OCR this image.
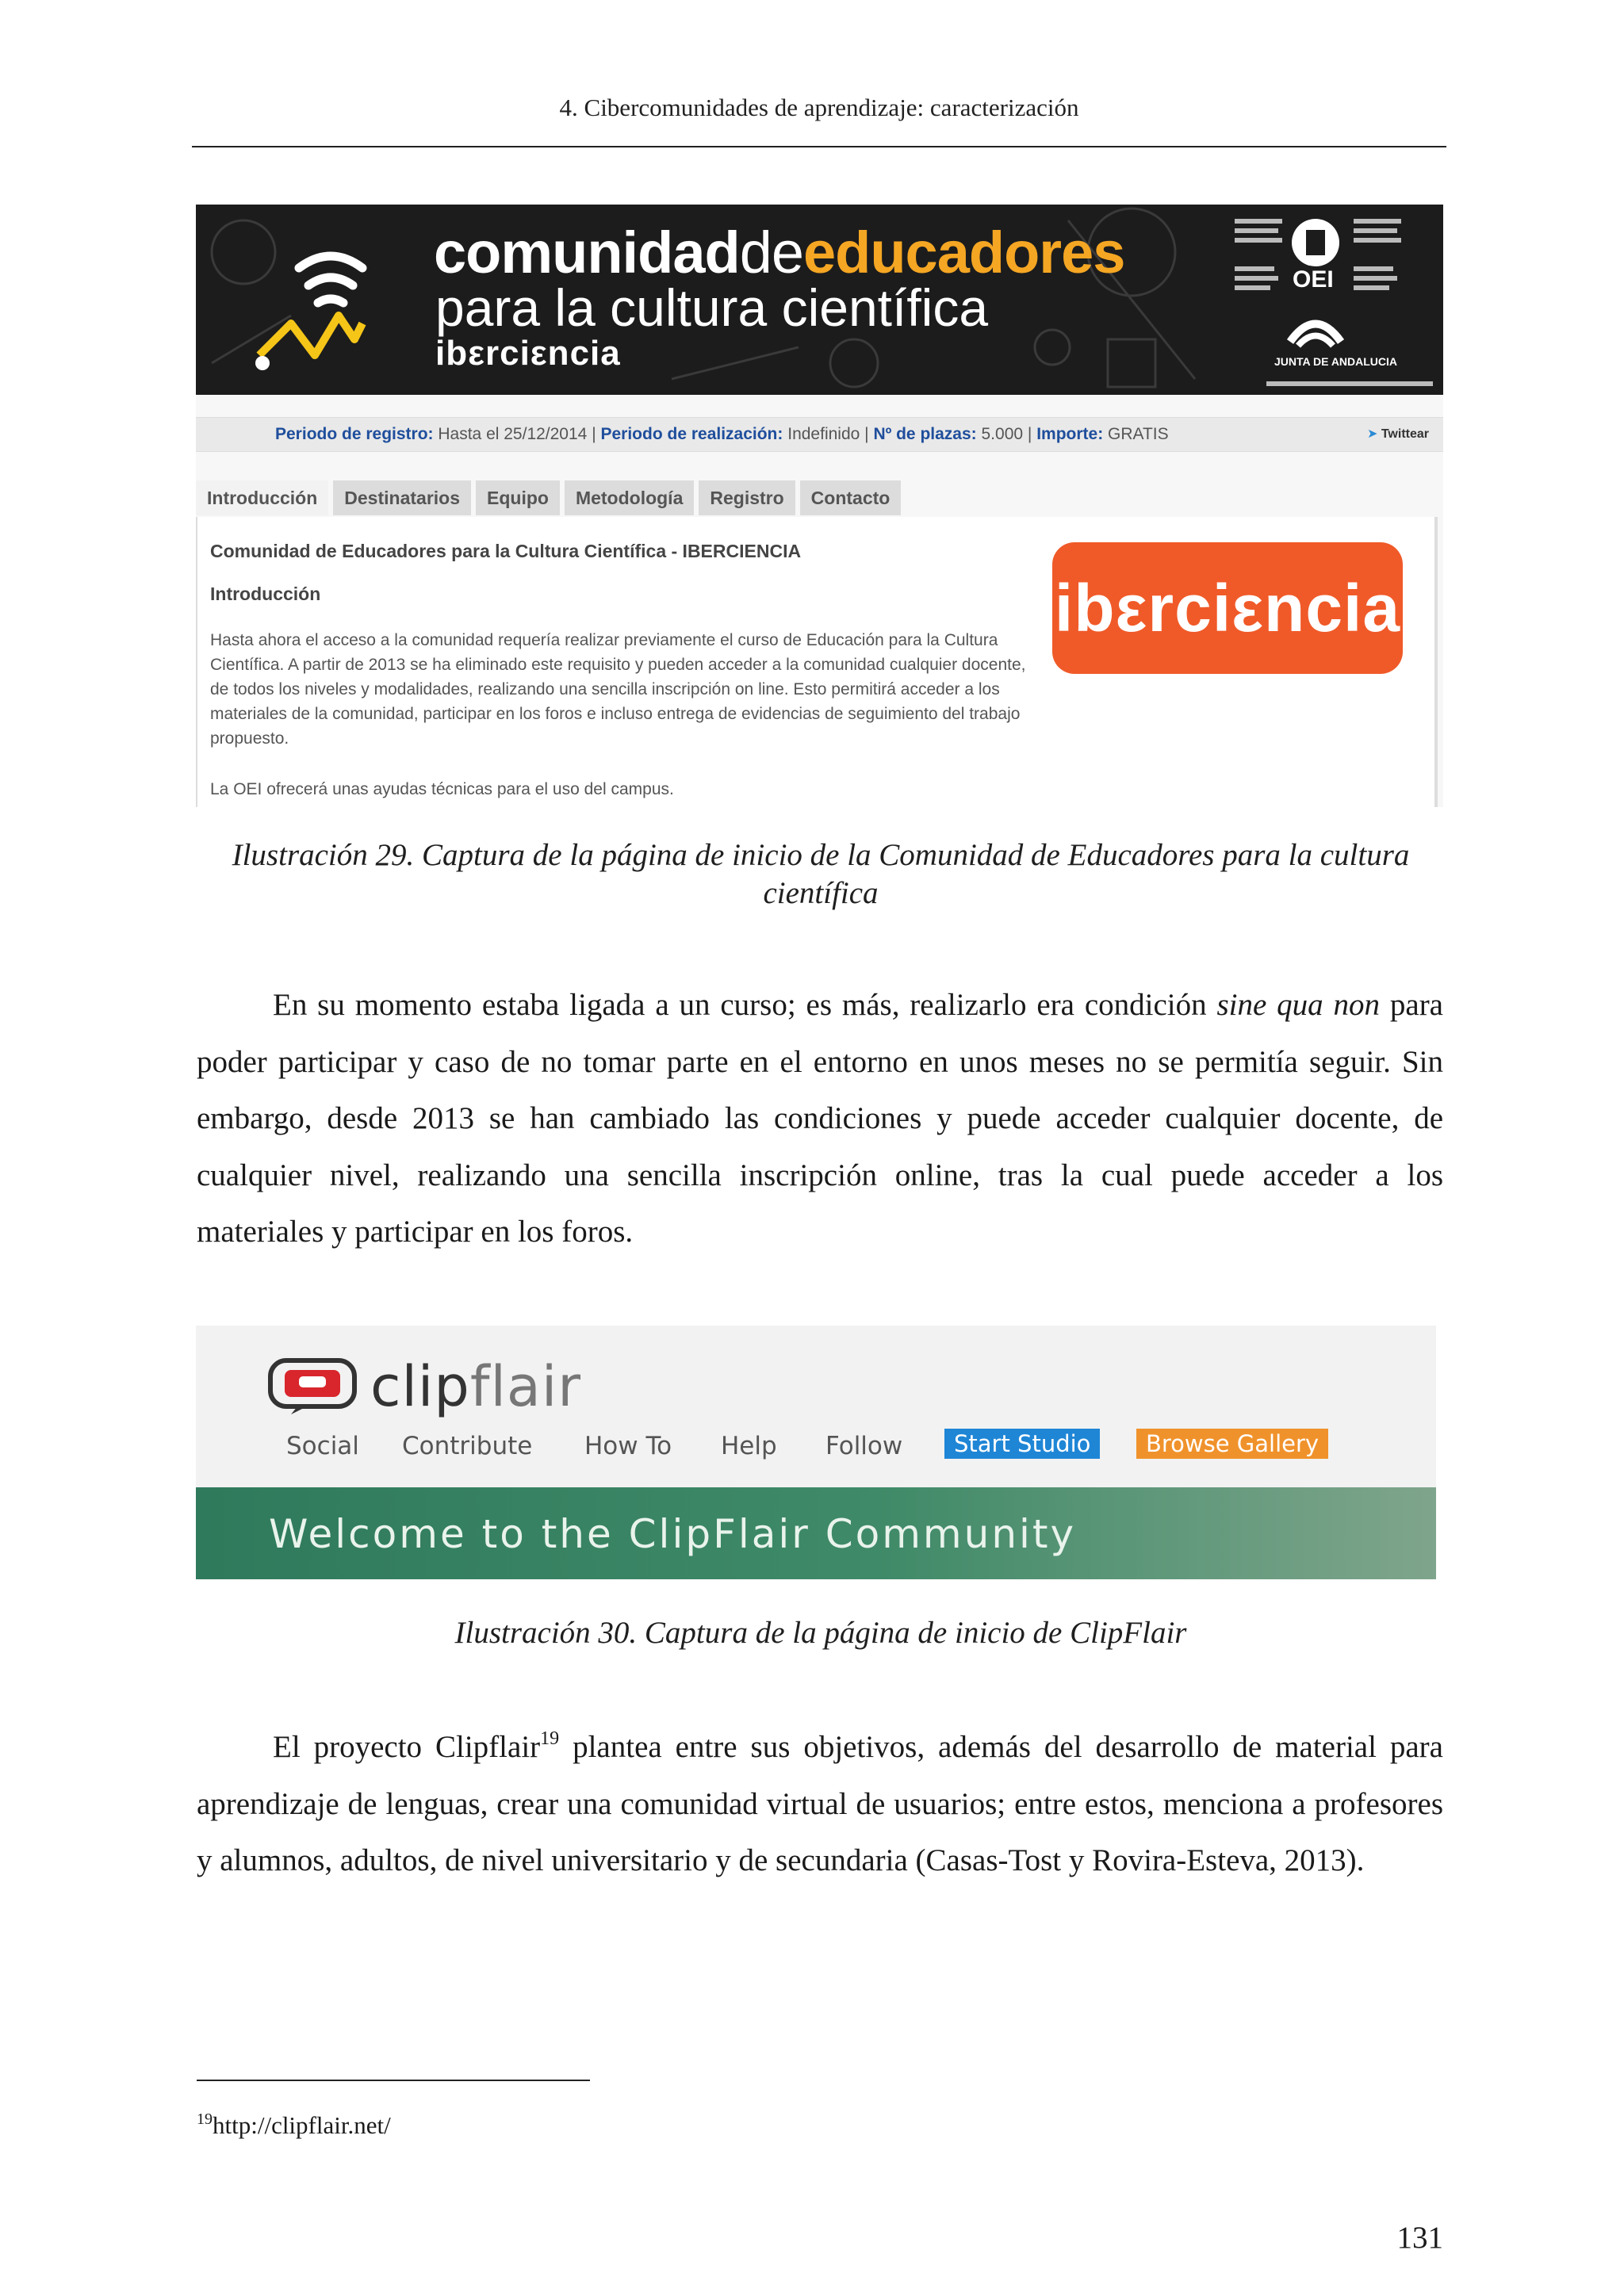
4. Cibercomunidades de aprendizaje: caracterización
comunidaddeeducadores
para la cultura científica
ibεrciεncia
OEI
JUNTA DE ANDALUCIA
Periodo de registro: Hasta el 25/12/2014 | Periodo de realización: Indefinido | Nº de plazas: 5.000 | Importe: GRATIS	➤ Twittear
Introducción Destinatarios Equipo Metodología Registro Contacto
Comunidad de Educadores para la Cultura Científica - IBERCIENCIA
Introducción
Hasta ahora el acceso a la comunidad requería realizar previamente el curso de Educación para la Cultura Científica. A partir de 2013 se ha eliminado este requisito y pueden acceder a la comunidad cualquier docente, de todos los niveles y modalidades, realizando una sencilla inscripción on line. Esto permitirá acceder a los materiales de la comunidad, participar en los foros e incluso entrega de evidencias de seguimiento del trabajo propuesto.
La OEI ofrecerá unas ayudas técnicas para el uso del campus.
ibεrciεncia
Ilustración 29. Captura de la página de inicio de la Comunidad de Educadores para la cultura científica
En su momento estaba ligada a un curso; es más, realizarlo era condición sine qua non para poder participar y caso de no tomar parte en el entorno en unos meses no se permitía seguir. Sin embargo, desde 2013 se han cambiado las condiciones y puede acceder cualquier docente, de cualquier nivel, realizando una sencilla inscripción online, tras la cual puede acceder a los materiales y participar en los foros.
clipflair
Social Contribute How To Help Follow	Start Studio	Browse Gallery
Welcome to the ClipFlair Community
Ilustración 30. Captura de la página de inicio de ClipFlair
El proyecto Clipflair$^{19}$ plantea entre sus objetivos, además del desarrollo de material para aprendizaje de lenguas, crear una comunidad virtual de usuarios; entre estos, menciona a profesores y alumnos, adultos, de nivel universitario y de secundaria (Casas-Tost y Rovira-Esteva, 2013).
$^{19}$http://clipflair.net/
131
